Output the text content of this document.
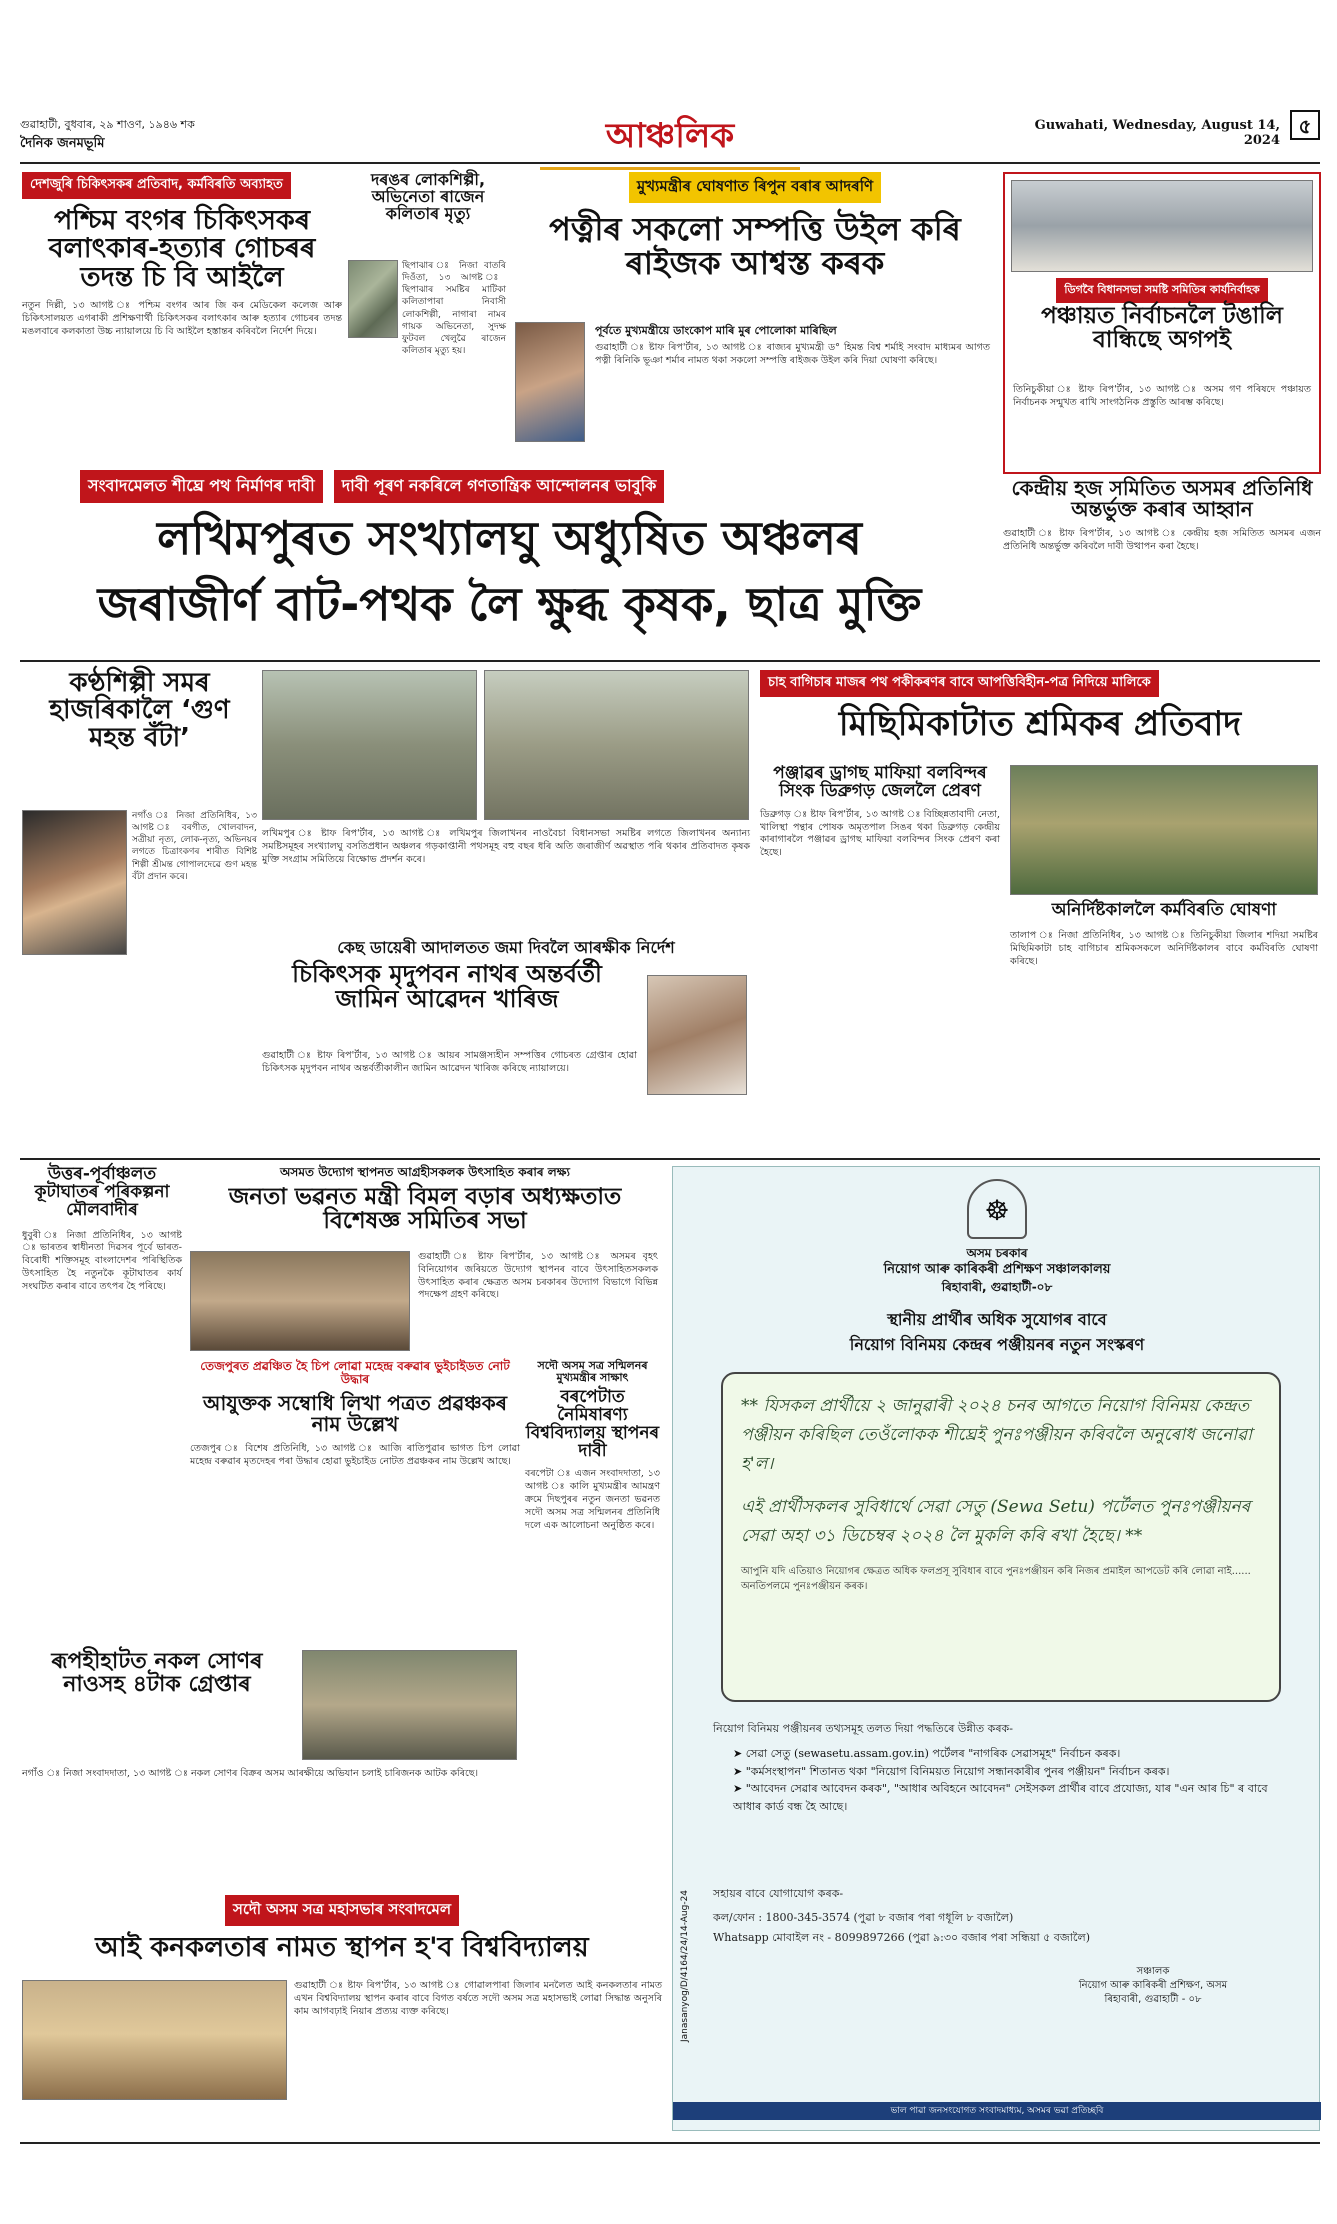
গুৱাহাটী, বুধবাৰ, ২৯ শাওণ, ১৯৪৬ শক
দৈনিক জনমভূমি	আঞ্চলিক	Guwahati, Wednesday, August 14, 2024
৫
দেশজুৰি চিকিৎসকৰ প্ৰতিবাদ, কৰ্মবিৰতি অব্যাহত
পশ্চিম বংগৰ চিকিৎসকৰ বলাৎকাৰ-হত্যাৰ গোচৰৰ তদন্ত চি বি আইলৈ
নতুন দিল্লী, ১৩ আগষ্ট ঃ পশ্চিম বংগৰ আৰ জি কৰ মেডিকেল কলেজ আৰু চিকিৎসালয়ত এগৰাকী প্ৰশিক্ষণাৰ্থী চিকিৎসকৰ বলাৎকাৰ আৰু হত্যাৰ গোচৰৰ তদন্ত মঙলবাৰে কলকাতা উচ্চ ন্যায়ালয়ে চি বি আইলৈ হস্তান্তৰ কৰিবলৈ নিৰ্দেশ দিয়ে।
দৰঙৰ লোকশিল্পী, অভিনেতা ৰাজেন কলিতাৰ মৃত্যু
ছিপাঝাৰ ঃ নিজা বাতৰি দিওঁতা, ১৩ আগষ্ট ঃ ছিপাঝাৰ সমষ্টিৰ মাটিকা কলিতাপাৰা নিবাসী লোকশিল্পী, নাগাৰা নামৰ গায়ক অভিনেতা, সুদক্ষ ফুটবল খেলুৱৈ ৰাজেন কলিতাৰ মৃত্যু হয়।
মুখ্যমন্ত্ৰীৰ ঘোষণাত ৰিপুন বৰাৰ আদৰণি
পত্নীৰ সকলো সম্পত্তি উইল কৰি ৰাইজক আশ্বস্ত কৰক
পূৰ্বতে মুখ্যমন্ত্ৰীয়ে ডাংকোপ মাৰি মুৰ পোলোকা মাৰিছিল
গুৱাহাটী ঃ ষ্টাফ ৰিপ'ৰ্টাৰ, ১৩ আগষ্ট ঃ ৰাজ্যৰ মুখ্যমন্ত্ৰী ড° হিমন্ত বিশ্ব শৰ্মাই সংবাদ মাধ্যমৰ আগত পত্নী ৰিনিকি ভূঞা শৰ্মাৰ নামত থকা সকলো সম্পত্তি ৰাইজক উইল কৰি দিয়া ঘোষণা কৰিছে।
ডিগবৈ বিধানসভা সমষ্টি সমিতিৰ কাৰ্যনিৰ্বাহক
পঞ্চায়ত নিৰ্বাচনলৈ টঙালি বান্ধিছে অগপই
তিনিচুকীয়া ঃ ষ্টাফ ৰিপ'ৰ্টাৰ, ১৩ আগষ্ট ঃ অসম গণ পৰিষদে পঞ্চায়ত নিৰ্বাচনক সন্মুখত ৰাখি সাংগঠনিক প্ৰস্তুতি আৰম্ভ কৰিছে।
কেন্দ্ৰীয় হজ সমিতিত অসমৰ প্ৰতিনিধি অন্তৰ্ভুক্ত কৰাৰ আহ্বান
গুৱাহাটী ঃ ষ্টাফ ৰিপ'ৰ্টাৰ, ১৩ আগষ্ট ঃ কেন্দ্ৰীয় হজ সমিতিত অসমৰ এজন প্ৰতিনিধি অন্তৰ্ভুক্ত কৰিবলৈ দাবী উত্থাপন কৰা হৈছে।
সংবাদমেলত শীঘ্ৰে পথ নিৰ্মাণৰ দাবী দাবী পূৰণ নকৰিলে গণতান্ত্ৰিক আন্দোলনৰ ভাবুকি
লখিমপুৰত সংখ্যালঘু অধ্যুষিত অঞ্চলৰ
জৰাজীৰ্ণ বাট-পথক লৈ ক্ষুব্ধ কৃষক, ছাত্ৰ মুক্তি
কণ্ঠশিল্পী সমৰ হাজৰিকালৈ ‘গুণ মহন্ত বঁটা’
নগাঁও ঃ নিজা প্ৰতিনিধিৰ, ১৩ আগষ্ট ঃ বৰগীত, খোলবাদন, সত্ৰীয়া নৃত্য, লোক-নৃত্য, অভিনয়ৰ লগতে চিত্ৰাংকণৰ শাৰীত বিশিষ্ট শিল্পী শ্ৰীমন্ত গোপালদেৱে গুণ মহন্ত বঁটা প্ৰদান কৰে।
লখিমপুৰ ঃ ষ্টাফ ৰিপ'ৰ্টাৰ, ১৩ আগষ্ট ঃ লখিমপুৰ জিলাখনৰ নাওবৈচা বিধানসভা সমষ্টিৰ লগতে জিলাখনৰ অন্যান্য সমষ্টিসমূহৰ সংখ্যালঘু বসতিপ্ৰধান অঞ্চলৰ গড়কাপ্তানী পথসমূহ বহু বছৰ ধৰি অতি জৰাজীৰ্ণ অৱস্থাত পৰি থকাৰ প্ৰতিবাদত কৃষক মুক্তি সংগ্ৰাম সমিতিয়ে বিক্ষোভ প্ৰদৰ্শন কৰে।
কেছ ডায়েৰী আদালতত জমা দিবলৈ আৰক্ষীক নিৰ্দেশ
চিকিৎসক মৃদুপবন নাথৰ অন্তৰ্বৰ্তী জামিন আৱেদন খাৰিজ
গুৱাহাটী ঃ ষ্টাফ ৰিপ'ৰ্টাৰ, ১৩ আগষ্ট ঃ আয়ৰ সামঞ্জস্যহীন সম্পত্তিৰ গোচৰত গ্ৰেপ্তাৰ হোৱা চিকিৎসক মৃদুপবন নাথৰ অন্তৰ্বৰ্তীকালীন জামিন আৱেদন খাৰিজ কৰিছে ন্যায়ালয়ে।
চাহ বাগিচাৰ মাজৰ পথ পকীকৰণৰ বাবে আপত্তিবিহীন-পত্ৰ নিদিয়ে মালিকে
মিছিমিকাটাত শ্ৰমিকৰ প্ৰতিবাদ
পঞ্জাৱৰ ড্ৰাগছ মাফিয়া বলবিন্দৰ সিংক ডিব্ৰুগড় জেললৈ প্ৰেৰণ
ডিব্ৰুগড় ঃ ষ্টাফ ৰিপ'ৰ্টাৰ, ১৩ আগষ্ট ঃ বিচ্ছিন্নতাবাদী নেতা, খালিস্থা পন্থাৰ পোষক অমৃতপাল সিঙৰ থকা ডিব্ৰুগড় কেন্দ্ৰীয় কাৰাগাৰলৈ পঞ্জাৱৰ ড্ৰাগছ মাফিয়া বলবিন্দৰ সিংক প্ৰেৰণ কৰা হৈছে।
অনিৰ্দিষ্টকাললৈ কৰ্মবিৰতি ঘোষণা
তালাপ ঃ নিজা প্ৰতিনিধিৰ, ১৩ আগষ্ট ঃ তিনিচুকীয়া জিলাৰ শদিয়া সমষ্টিৰ মিছিমিকাটা চাহ বাগিচাৰ শ্ৰমিকসকলে অনিৰ্দিষ্টকালৰ বাবে কৰ্মবিৰতি ঘোষণা কৰিছে।
উত্তৰ-পূৰ্বাঞ্চলত কূটাঘাতৰ পৰিকল্পনা মৌলবাদীৰ
ধুবুৰী ঃ নিজা প্ৰতিনিধিৰ, ১৩ আগষ্ট ঃ ভাৰতৰ স্বাধীনতা দিৱসৰ পূৰ্বে ভাৰত-বিৰোধী শক্তিসমূহ বাংলাদেশৰ পৰিস্থিতিক উৎসাহিত হৈ নতুনকৈ কূটাঘাতৰ কাৰ্য সংঘটিত কৰাৰ বাবে তৎপৰ হৈ পৰিছে।
অসমত উদ্যোগ স্থাপনত আগ্ৰহীসকলক উৎসাহিত কৰাৰ লক্ষ্য
জনতা ভৱনত মন্ত্ৰী বিমল বড়াৰ অধ্যক্ষতাত বিশেষজ্ঞ সমিতিৰ সভা
গুৱাহাটী ঃ ষ্টাফ ৰিপ'ৰ্টাৰ, ১৩ আগষ্ট ঃ অসমৰ বৃহৎ বিনিয়োগৰ জৰিয়তে উদ্যোগ স্থাপনৰ বাবে উৎসাহিতসকলক উৎসাহিত কৰাৰ ক্ষেত্ৰত অসম চৰকাৰৰ উদ্যোগ বিভাগে বিভিন্ন পদক্ষেপ গ্ৰহণ কৰিছে।
তেজপুৰত প্ৰৱঞ্চিত হৈ চিপ লোৱা মহেন্দ্ৰ বৰুৱাৰ ভুইচাইডত নোট উদ্ধাৰ
আযুক্তক সম্বোধি লিখা পত্ৰত প্ৰৱঞ্চকৰ নাম উল্লেখ
তেজপুৰ ঃ বিশেষ প্ৰতিনিধি, ১৩ আগষ্ট ঃ আজি ৰাতিপুৱাৰ ভাগত চিপ লোৱা মহেন্দ্ৰ বৰুৱাৰ মৃতদেহৰ পৰা উদ্ধাৰ হোৱা ভুইচাইড নোটত প্ৰৱঞ্চকৰ নাম উল্লেখ আছে।
সদৌ অসম সত্ৰ সন্মিলনৰ মুখ্যমন্ত্ৰীৰ সাক্ষাৎ
বৰপেটাত নৈমিষাৰণ্য বিশ্ববিদ্যালয় স্থাপনৰ দাবী
বৰপেটা ঃ এজন সংবাদদাতা, ১৩ আগষ্ট ঃ কালি মুখ্যমন্ত্ৰীৰ আমন্ত্ৰণ ক্ৰমে দিছপুৰৰ নতুন জনতা ভৱনত সদৌ অসম সত্ৰ সন্মিলনৰ প্ৰতিনিধি দলে এক আলোচনা অনুষ্ঠিত কৰে।
ৰূপহীহাটত নকল সোণৰ নাওসহ ৪টাক গ্ৰেপ্তাৰ
নগাঁও ঃ নিজা সংবাদদাতা, ১৩ আগষ্ট ঃ নকল সোণৰ বিক্ৰৰ অসম আৰক্ষীয়ে অভিযান চলাই চাৰিজনক আটক কৰিছে।
সদৌ অসম সত্ৰ মহাসভাৰ সংবাদমেল
আই কনকলতাৰ নামত স্থাপন হ'ব বিশ্ববিদ্যালয়
গুৱাহাটী ঃ ষ্টাফ ৰিপ'ৰ্টাৰ, ১৩ আগষ্ট ঃ গোৱালপাৰা জিলাৰ মনলৈত আই কনকলতাৰ নামত এখন বিশ্ববিদ্যালয় স্থাপন কৰাৰ বাবে বিগত বৰ্ষতে সদৌ অসম সত্ৰ মহাসভাই লোৱা সিদ্ধান্ত অনুসৰি কাম আগবঢ়াই নিয়াৰ প্ৰত্যয় ব্যক্ত কৰিছে।
☸
অসম চৰকাৰ
নিয়োগ আৰু কাৰিকৰী প্ৰশিক্ষণ সঞ্চালকালয়
ৰিহাবাৰী, গুৱাহাটী-০৮
স্থানীয় প্ৰাৰ্থীৰ অধিক সুযোগৰ বাবে
নিয়োগ বিনিময় কেন্দ্ৰৰ পঞ্জীয়নৰ নতুন সংস্কৰণ
** যিসকল প্ৰাৰ্থীয়ে ২ জানুৱাৰী ২০২৪ চনৰ আগতে নিয়োগ বিনিময় কেন্দ্ৰত পঞ্জীয়ন কৰিছিল তেওঁলোকক শীঘ্ৰেই পুনঃপঞ্জীয়ন কৰিবলৈ অনুৰোধ জনোৱা হ'ল।
এই প্ৰাৰ্থীসকলৰ সুবিধাৰ্থে সেৱা সেতু (Sewa Setu) পৰ্টেলত পুনঃপঞ্জীয়নৰ সেৱা অহা ৩১ ডিচেম্বৰ ২০২৪ লৈ মুকলি কৰি ৰখা হৈছে। **
আপুনি যদি এতিয়াও নিয়োগৰ ক্ষেত্ৰত অধিক ফলপ্ৰসূ সুবিধাৰ বাবে পুনঃপঞ্জীয়ন কৰি নিজৰ প্ৰমাইল আপডেট কৰি লোৱা নাই...... অনতিপলমে পুনঃপঞ্জীয়ন কৰক।
নিয়োগ বিনিময় পঞ্জীয়নৰ তথ্যসমূহ তলত দিয়া পদ্ধতিৰে উন্নীত কৰক-
➤ সেৱা সেতু (sewasetu.assam.gov.in) পৰ্টেলৰ "নাগৰিক সেৱাসমূহ" নিৰ্বাচন কৰক।
➤ "কৰ্মসংস্থাপন" শিতানত থকা "নিয়োগ বিনিময়ত নিয়োগ সন্ধানকাৰীৰ পুনৰ পঞ্জীয়ন" নিৰ্বাচন কৰক।
➤ "আবেদন সেৱাৰ আবেদন কৰক", "আধাৰ অবিহনে আবেদন" সেইসকল প্ৰাৰ্থীৰ বাবে প্ৰযোজ্য, যাৰ "এন আৰ চি" ৰ বাবে আধাৰ কাৰ্ড বন্ধ হৈ আছে।
সহায়ৰ বাবে যোগাযোগ কৰক-
কল/ফোন : 1800-345-3574 (পুৱা ৮ বজাৰ পৰা গধূলি ৮ বজালৈ)
Whatsapp মোবাইল নং - 8099897266 (পুৱা ৯:৩০ বজাৰ পৰা সন্ধিয়া ৫ বজালৈ)
সঞ্চালক
নিয়োগ আৰু কাৰিকৰী প্ৰশিক্ষণ, অসম
ৰিহাবাৰী, গুৱাহাটী - ০৮
Janasanyog/D/4164/24/14-Aug-24
ভাল পাৱা জনসংযোগত সংবাদমাধ্যম, অসমৰ ভৱা প্ৰতিচ্ছবি
